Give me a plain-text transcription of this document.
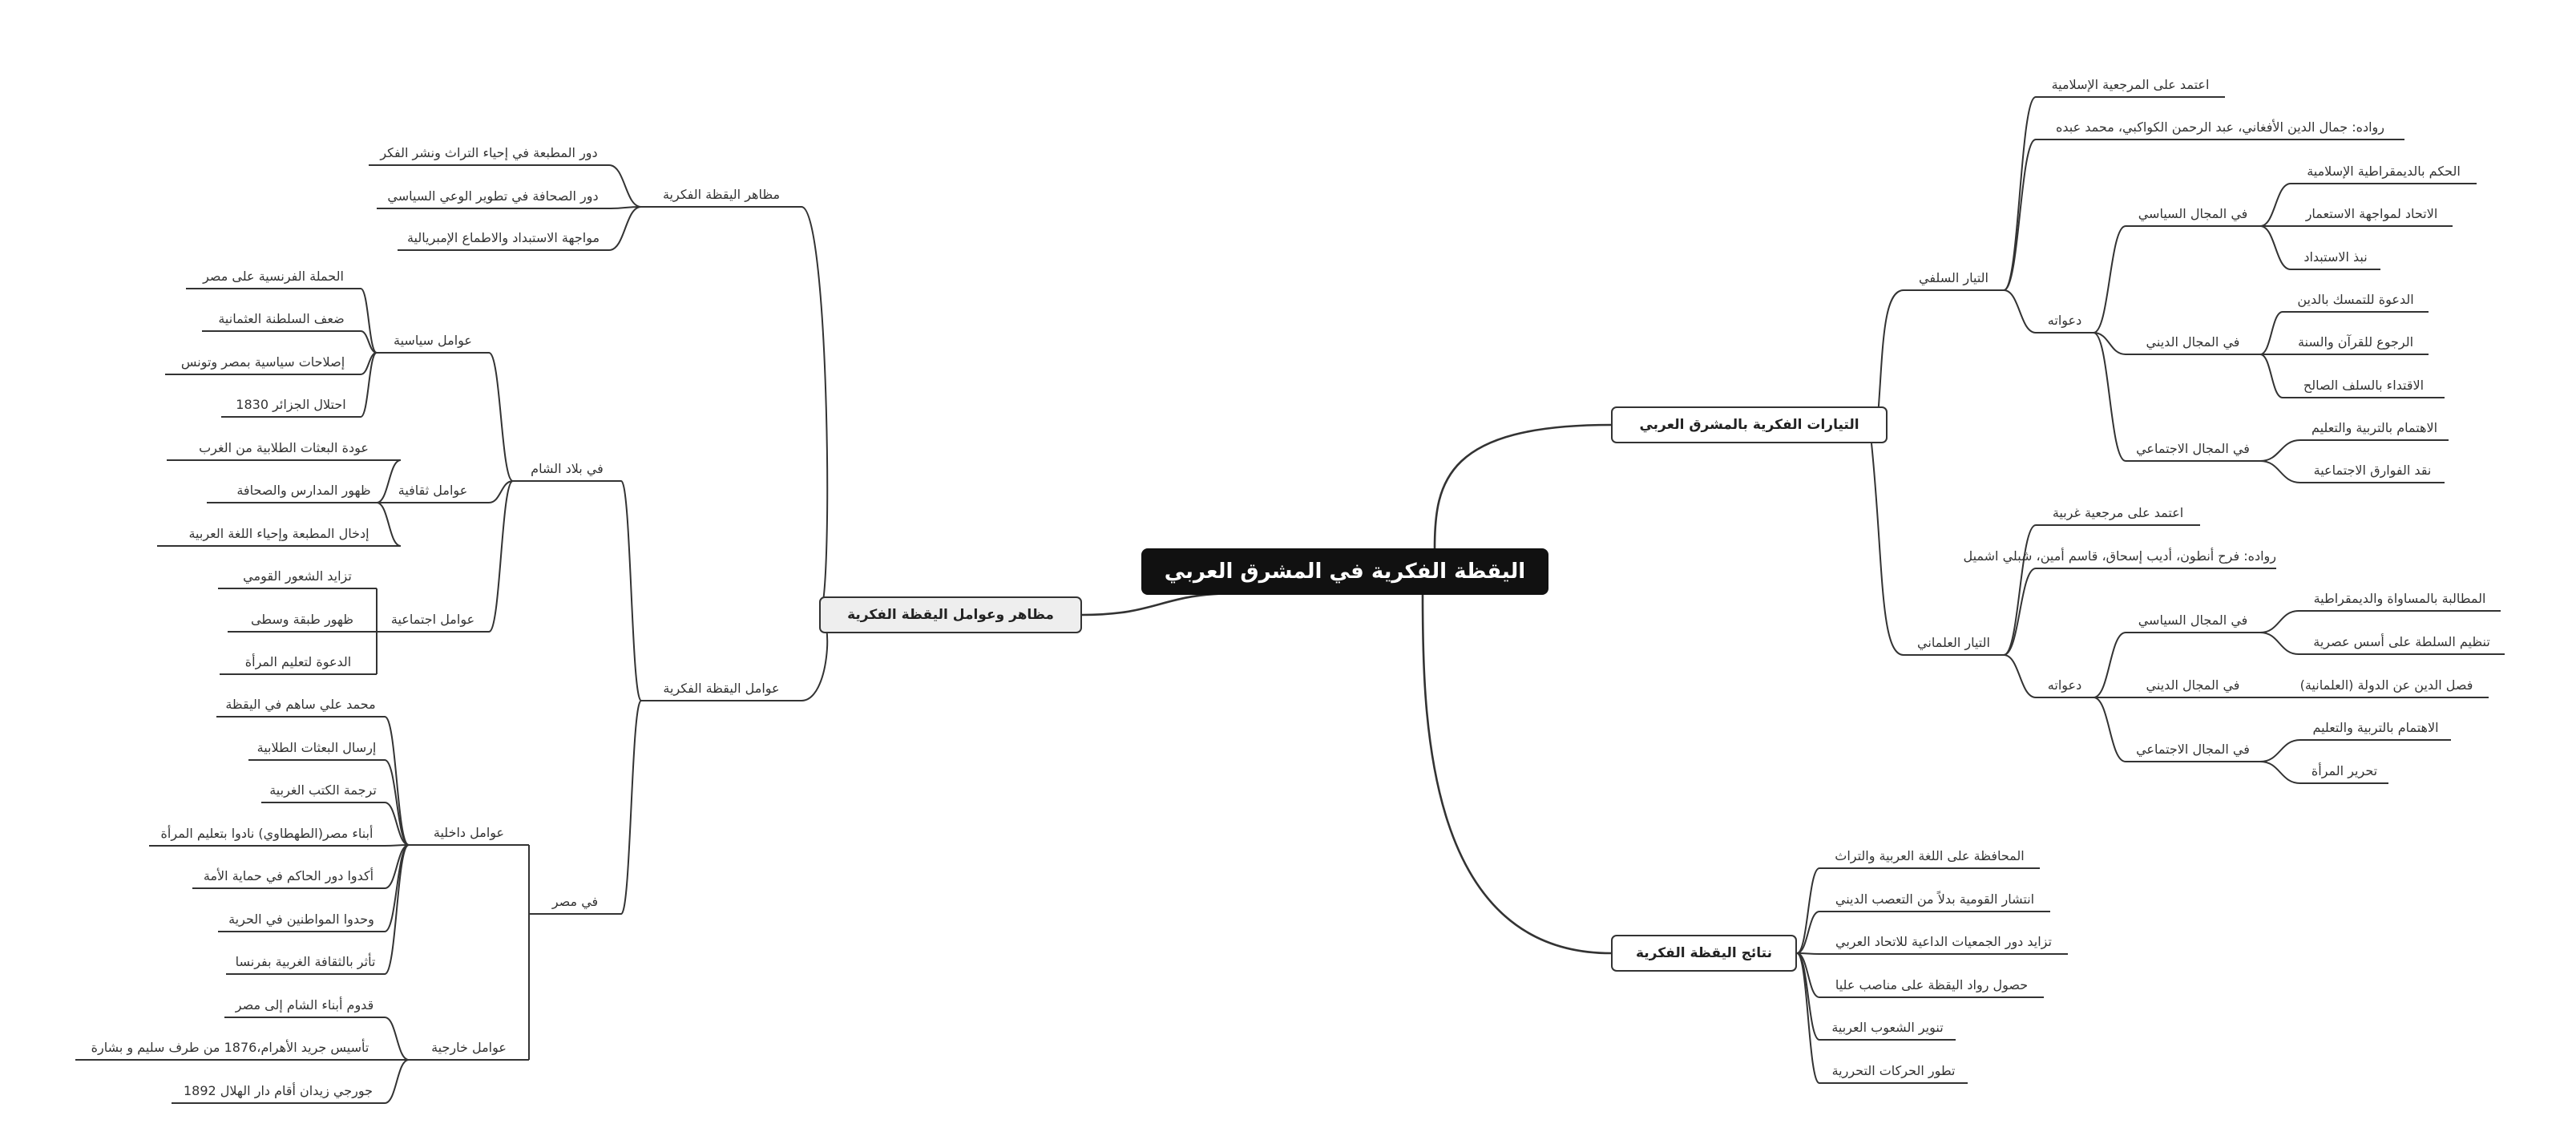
اليقظة الفكرية في المشرق العربي
مظاهر وعوامل اليقظة الفكرية
التيارات الفكرية بالمشرق العربي
نتائج اليقظة الفكرية
مظاهر اليقظة الفكرية
دور المطبعة في إحياء التراث ونشر الفكر
دور الصحافة في تطوير الوعي السياسي
مواجهة الاستبداد والاطماع الإمبريالية
عوامل اليقظة الفكرية
في بلاد الشام
في مصر
عوامل سياسية
الحملة الفرنسية على مصر
ضعف السلطنة العثمانية
إصلاحات سياسية بمصر وتونس
احتلال الجزائر 1830
عوامل ثقافية
عودة البعثات الطلابية من الغرب
ظهور المدارس والصحافة
إدخال المطبعة وإحياء اللغة العربية
عوامل اجتماعية
تزايد الشعور القومي
ظهور طبقة وسطى
الدعوة لتعليم المرأة
عوامل داخلية
محمد علي ساهم في اليقظة
إرسال البعثات الطلابية
ترجمة الكتب الغربية
أبناء مصر(الطهطاوي) نادوا بتعليم المرأة
أكدوا دور الحاكم في حماية الأمة
وحدوا المواطنين في الحرية
تأثر بالثقافة الغربية بفرنسا
عوامل خارجية
قدوم أبناء الشام إلى مصر
تأسيس جريد الأهرام،1876 من طرف سليم و بشارة
جورجي زيدان أقام دار الهلال 1892
التيار السلفي
اعتمد على المرجعية الإسلامية
رواده: جمال الدين الأفغاني، عبد الرحمن الكواكبي، محمد عبده
دعواته
في المجال السياسي
الحكم بالديمقراطية الإسلامية
الاتحاد لمواجهة الاستعمار
نبذ الاستبداد
في المجال الديني
الدعوة للتمسك بالدين
الرجوع للقرآن والسنة
الاقتداء بالسلف الصالح
في المجال الاجتماعي
الاهتمام بالتربية والتعليم
نقد الفوارق الاجتماعية
التيار العلماني
اعتمد على مرجعية غربية
رواده: فرح أنطون، أديب إسحاق، قاسم أمين، شبلي اشميل
دعواته
في المجال السياسي
المطالبة بالمساواة والديمقراطية
تنظيم السلطة على أسس عصرية
في المجال الديني	فصل الدين عن الدولة (العلمانية)
في المجال الاجتماعي
الاهتمام بالتربية والتعليم
تحرير المرأة
المحافظة على اللغة العربية والتراث
انتشار القومية بدلاً من التعصب الديني
تزايد دور الجمعيات الداعية للاتحاد العربي
حصول رواد اليقظة على مناصب عليا
تنوير الشعوب العربية
تطور الحركات التحررية
